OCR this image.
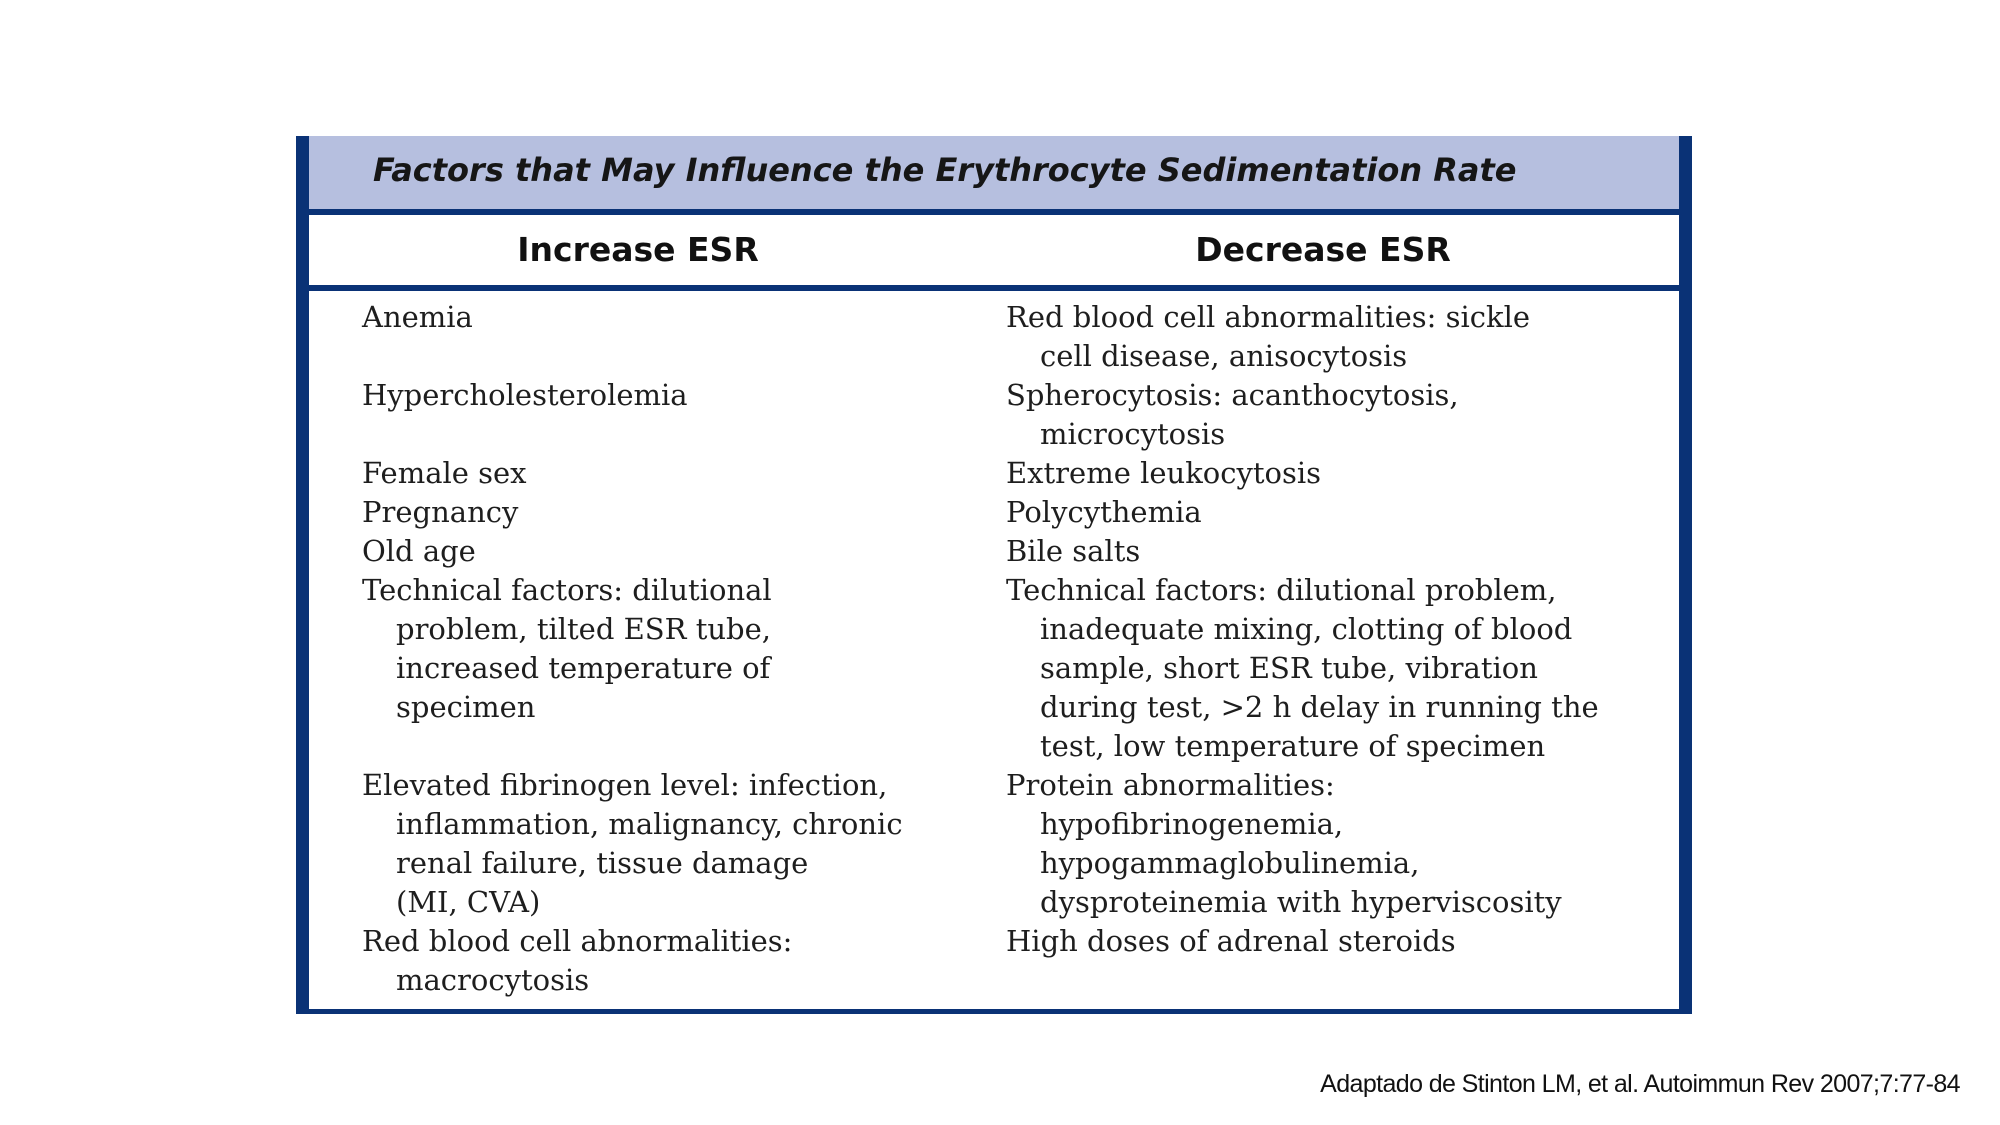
Factors that May Influence the Erythrocyte Sedimentation Rate
Increase ESR	Decrease ESR
Anemia
Hypercholesterolemia
Female sex
Pregnancy
Old age
Technical factors: dilutional
problem, tilted ESR tube,
increased temperature of
specimen
Elevated fibrinogen level: infection,
inflammation, malignancy, chronic
renal failure, tissue damage
(MI, CVA)
Red blood cell abnormalities:
macrocytosis
Red blood cell abnormalities: sickle
cell disease, anisocytosis
Spherocytosis: acanthocytosis,
microcytosis
Extreme leukocytosis
Polycythemia
Bile salts
Technical factors: dilutional problem,
inadequate mixing, clotting of blood
sample, short ESR tube, vibration
during test, >2 h delay in running the
test, low temperature of specimen
Protein abnormalities:
hypofibrinogenemia,
hypogammaglobulinemia,
dysproteinemia with hyperviscosity
High doses of adrenal steroids
Adaptado de Stinton LM, et al. Autoimmun Rev 2007;7:77-84
